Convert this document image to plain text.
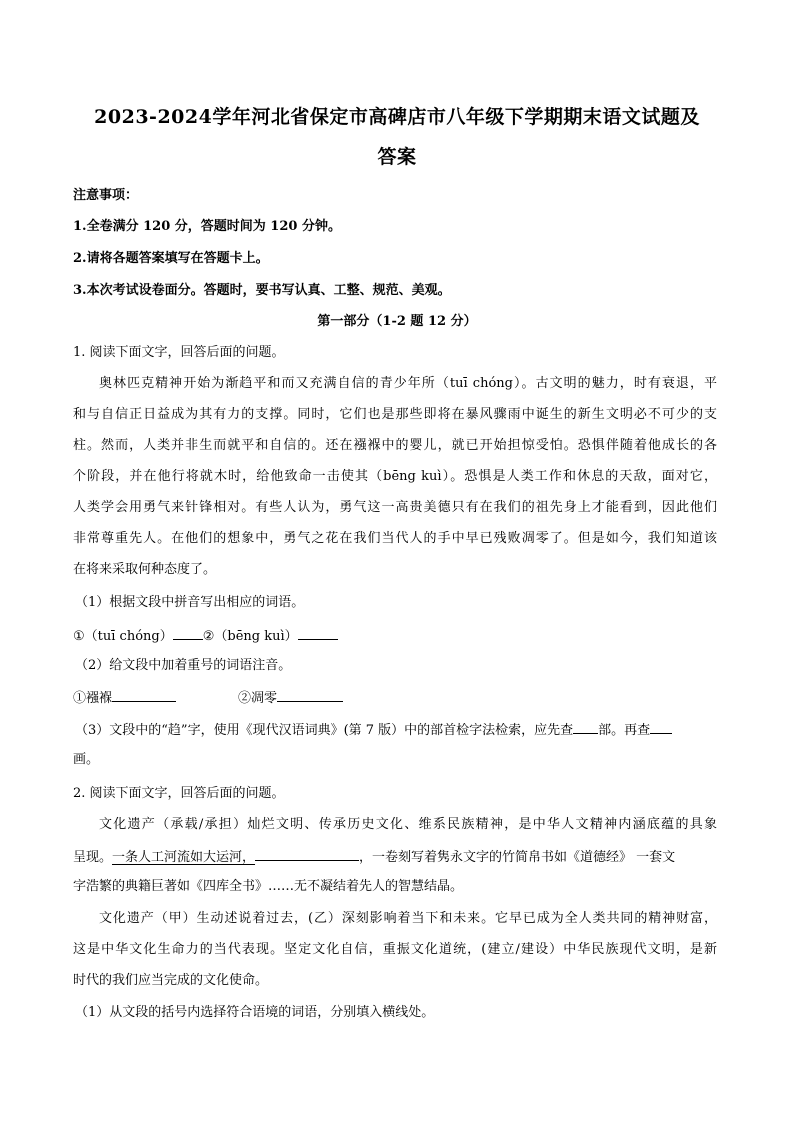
2023-2024学年河北省保定市高碑店市八年级下学期期末语文试题及
答案
注意事项：
1.全卷满分 120 分，答题时间为 120 分钟。
2.请将各题答案填写在答题卡上。
3.本次考试设卷面分。答题时，要书写认真、工整、规范、美观。
第一部分（1-2 题 12 分）
1. 阅读下面文字，回答后面的问题。
奥林匹克精神开始为渐趋平和而又充满自信的青少年所（tuī chóng）。古文明的魅力，时有衰退，平
和与自信正日益成为其有力的支撑。同时，它们也是那些即将在暴风骤雨中诞生的新生文明必不可少的支
柱。然而，人类并非生而就平和自信的。还在襁褓中的婴儿，就已开始担惊受怕。恐惧伴随着他成长的各
个阶段，并在他行将就木时，给他致命一击使其（bēng kuì）。恐惧是人类工作和休息的天敌，面对它，
人类学会用勇气来针锋相对。有些人认为，勇气这一高贵美德只有在我们的祖先身上才能看到，因此他们
非常尊重先人。在他们的想象中，勇气之花在我们当代人的手中早已残败凋零了。但是如今，我们知道该
在将来采取何种态度了。
（1）根据文段中拼音写出相应的词语。
①（tuī chóng） ②（bēng kuì）
（2）给文段中加着重号的词语注音。
①襁褓	②凋零
（3）文段中的“趋”字，使用《现代汉语词典》(第 7 版）中的部首检字法检索，应先查 部。再查
画。
2. 阅读下面文字，回答后面的问题。
文化遗产（承载/承担）灿烂文明、传承历史文化、维系民族精神，是中华人文精神内涵底蕴的具象
呈现。一条人工河流如大运河，	，一卷刻写着隽永文字的竹简帛书如《道德经》 一套文
字浩繁的典籍巨著如《四库全书》……无不凝结着先人的智慧结晶。
文化遗产（甲）生动述说着过去，(乙）深刻影响着当下和未来。它早已成为全人类共同的精神财富，
这是中华文化生命力的当代表现。坚定文化自信，重振文化道统，(建立/建设）中华民族现代文明，是新
时代的我们应当完成的文化使命。
（1）从文段的括号内选择符合语境的词语，分别填入横线处。
